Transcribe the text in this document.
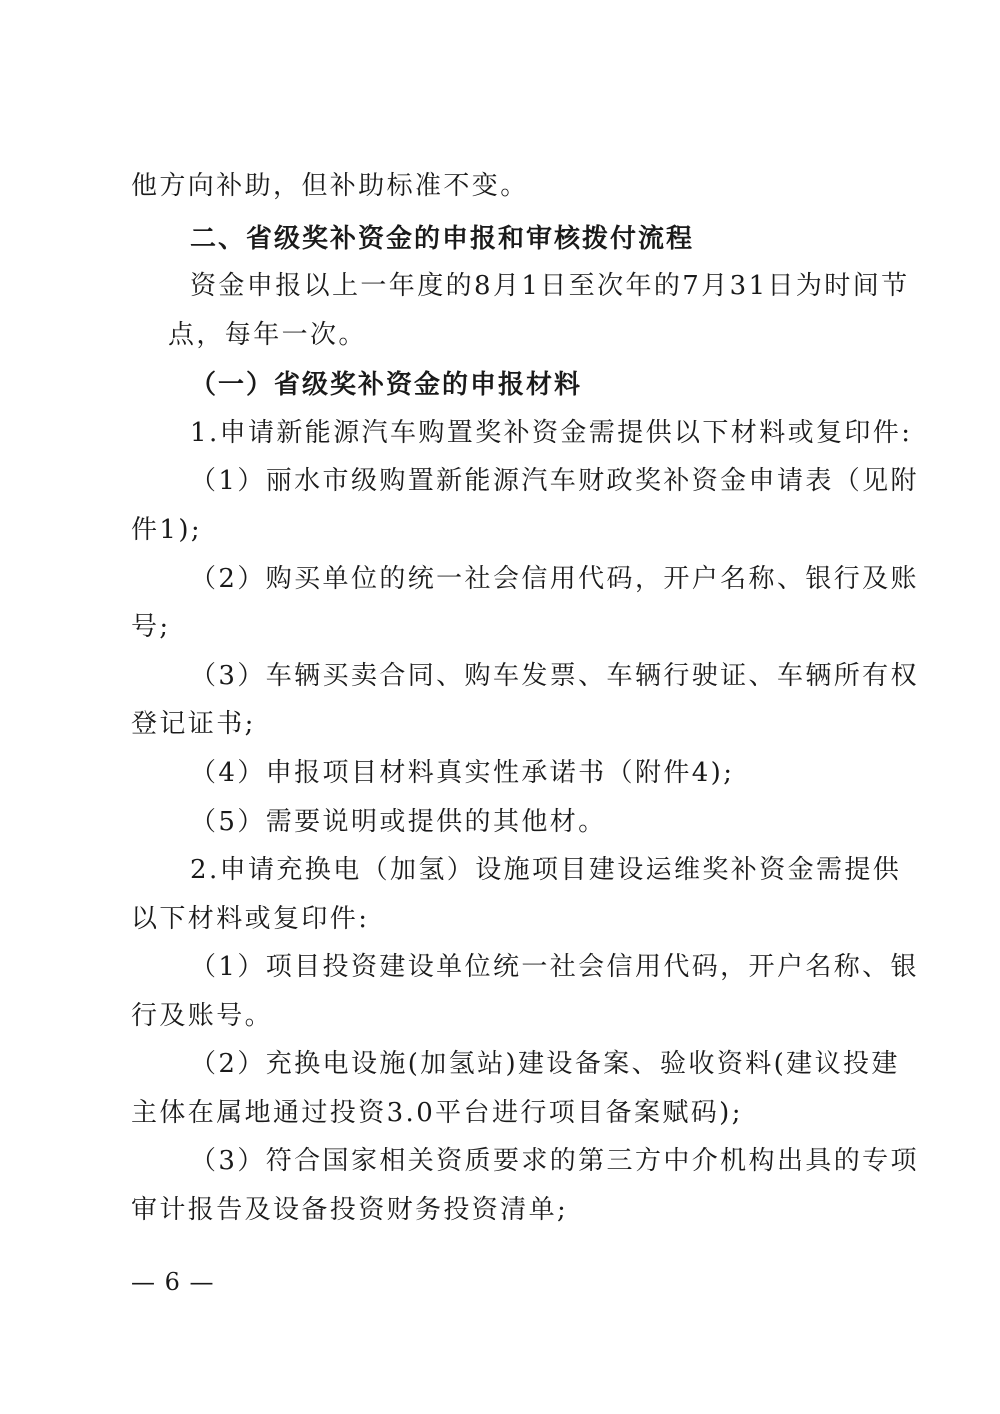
他方向补助，但补助标准不变。
二、省级奖补资金的申报和审核拨付流程
资金申报以上一年度的8月1日至次年的7月31日为时间节
点，每年一次。
（一）省级奖补资金的申报材料
1.申请新能源汽车购置奖补资金需提供以下材料或复印件:
（1）丽水市级购置新能源汽车财政奖补资金申请表（见附
件1);
（2）购买单位的统一社会信用代码，开户名称、银行及账
号;
（3）车辆买卖合同、购车发票、车辆行驶证、车辆所有权
登记证书;
（4）申报项目材料真实性承诺书（附件4);
（5）需要说明或提供的其他材。
2.申请充换电（加氢）设施项目建设运维奖补资金需提供
以下材料或复印件:
（1）项目投资建设单位统一社会信用代码，开户名称、银
行及账号。
（2）充换电设施(加氢站)建设备案、验收资料(建议投建
主体在属地通过投资3.0平台进行项目备案赋码);
（3）符合国家相关资质要求的第三方中介机构出具的专项
审计报告及设备投资财务投资清单;
— 6 —
